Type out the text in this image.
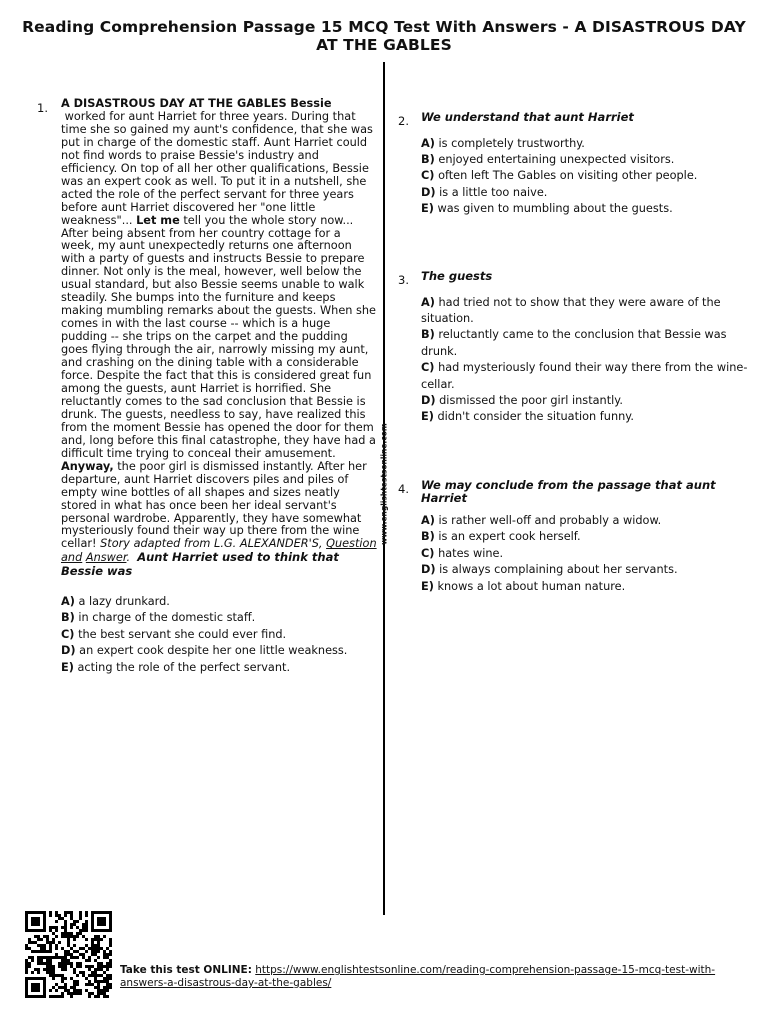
Reading Comprehension Passage 15 MCQ Test With Answers - A DISASTROUS DAY AT THE GABLES
www.englishtestsonline.com
1. A DISASTROUS DAY AT THE GABLES Bessie
worked for aunt Harriet for three years. During that time she so gained my aunt's confidence, that she was put in charge of the domestic staff. Aunt Harriet could not find words to praise Bessie's industry and efficiency. On top of all her other qualifications, Bessie was an expert cook as well. To put it in a nutshell, she acted the role of the perfect servant for three years before aunt Harriet discovered her "one little weakness"... Let me tell you the whole story now... After being absent from her country cottage for a week, my aunt unexpectedly returns one afternoon with a party of guests and instructs Bessie to prepare dinner. Not only is the meal, however, well below the usual standard, but also Bessie seems unable to walk steadily. She bumps into the furniture and keeps making mumbling remarks about the guests. When she comes in with the last course -- which is a huge pudding -- she trips on the carpet and the pudding goes flying through the air, narrowly missing my aunt, and crashing on the dining table with a considerable force. Despite the fact that this is considered great fun among the guests, aunt Harriet is horrified. She reluctantly comes to the sad conclusion that Bessie is drunk. The guests, needless to say, have realized this from the moment Bessie has opened the door for them and, long before this final catastrophe, they have had a difficult time trying to conceal their amusement. Anyway, the poor girl is dismissed instantly. After her departure, aunt Harriet discovers piles and piles of empty wine bottles of all shapes and sizes neatly stored in what has once been her ideal servant's personal wardrobe. Apparently, they have somewhat mysteriously found their way up there from the wine cellar! Story adapted from L.G. ALEXANDER'S, Question and Answer. Aunt Harriet used to think that Bessie was
A) a lazy drunkard.
B) in charge of the domestic staff.
C) the best servant she could ever find.
D) an expert cook despite her one little weakness.
E) acting the role of the perfect servant.
2. We understand that aunt Harriet
A) is completely trustworthy.
B) enjoyed entertaining unexpected visitors.
C) often left The Gables on visiting other people.
D) is a little too naive.
E) was given to mumbling about the guests.
3. The guests
A) had tried not to show that they were aware of the situation.
B) reluctantly came to the conclusion that Bessie was drunk.
C) had mysteriously found their way there from the wine-cellar.
D) dismissed the poor girl instantly.
E) didn't consider the situation funny.
4. We may conclude from the passage that aunt Harriet
A) is rather well-off and probably a widow.
B) is an expert cook herself.
C) hates wine.
D) is always complaining about her servants.
E) knows a lot about human nature.
Take this test ONLINE: https://www.englishtestsonline.com/reading-comprehension-passage-15-mcq-test-with-answers-a-disastrous-day-at-the-gables/
